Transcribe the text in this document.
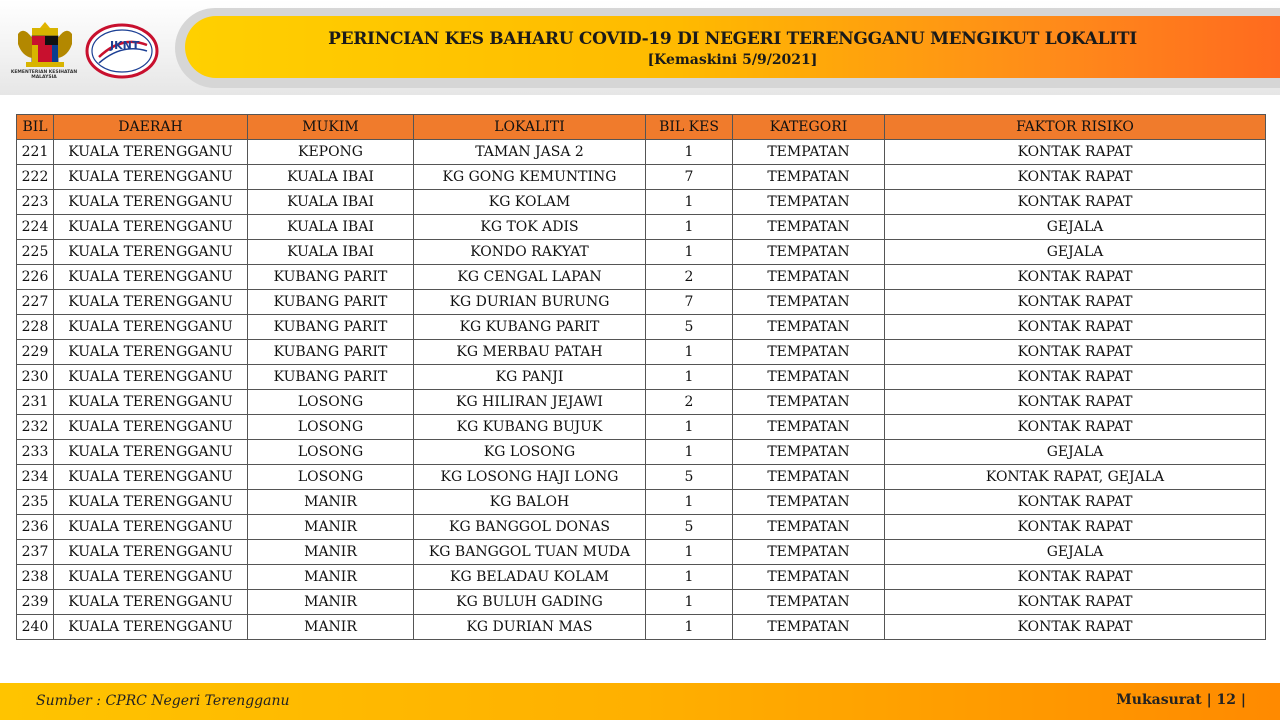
KEMENTERIAN KESIHATAN MALAYSIA
JKNT	PERINCIAN KES BAHARU COVID-19 DI NEGERI TERENGGANU MENGIKUT LOKALITI
[Kemaskini 5/9/2021]
BIL	DAERAH	MUKIM	LOKALITI	BIL KES	KATEGORI	FAKTOR RISIKO
221	KUALA TERENGGANU	KEPONG	TAMAN JASA 2	1	TEMPATAN	KONTAK RAPAT
222	KUALA TERENGGANU	KUALA IBAI	KG GONG KEMUNTING	7	TEMPATAN	KONTAK RAPAT
223	KUALA TERENGGANU	KUALA IBAI	KG KOLAM	1	TEMPATAN	KONTAK RAPAT
224	KUALA TERENGGANU	KUALA IBAI	KG TOK ADIS	1	TEMPATAN	GEJALA
225	KUALA TERENGGANU	KUALA IBAI	KONDO RAKYAT	1	TEMPATAN	GEJALA
226	KUALA TERENGGANU	KUBANG PARIT	KG CENGAL LAPAN	2	TEMPATAN	KONTAK RAPAT
227	KUALA TERENGGANU	KUBANG PARIT	KG DURIAN BURUNG	7	TEMPATAN	KONTAK RAPAT
228	KUALA TERENGGANU	KUBANG PARIT	KG KUBANG PARIT	5	TEMPATAN	KONTAK RAPAT
229	KUALA TERENGGANU	KUBANG PARIT	KG MERBAU PATAH	1	TEMPATAN	KONTAK RAPAT
230	KUALA TERENGGANU	KUBANG PARIT	KG PANJI	1	TEMPATAN	KONTAK RAPAT
231	KUALA TERENGGANU	LOSONG	KG HILIRAN JEJAWI	2	TEMPATAN	KONTAK RAPAT
232	KUALA TERENGGANU	LOSONG	KG KUBANG BUJUK	1	TEMPATAN	KONTAK RAPAT
233	KUALA TERENGGANU	LOSONG	KG LOSONG	1	TEMPATAN	GEJALA
234	KUALA TERENGGANU	LOSONG	KG LOSONG HAJI LONG	5	TEMPATAN	KONTAK RAPAT, GEJALA
235	KUALA TERENGGANU	MANIR	KG BALOH	1	TEMPATAN	KONTAK RAPAT
236	KUALA TERENGGANU	MANIR	KG BANGGOL DONAS	5	TEMPATAN	KONTAK RAPAT
237	KUALA TERENGGANU	MANIR	KG BANGGOL TUAN MUDA	1	TEMPATAN	GEJALA
238	KUALA TERENGGANU	MANIR	KG BELADAU KOLAM	1	TEMPATAN	KONTAK RAPAT
239	KUALA TERENGGANU	MANIR	KG BULUH GADING	1	TEMPATAN	KONTAK RAPAT
240	KUALA TERENGGANU	MANIR	KG DURIAN MAS	1	TEMPATAN	KONTAK RAPAT
Sumber : CPRC Negeri Terengganu	Mukasurat | 12 |
